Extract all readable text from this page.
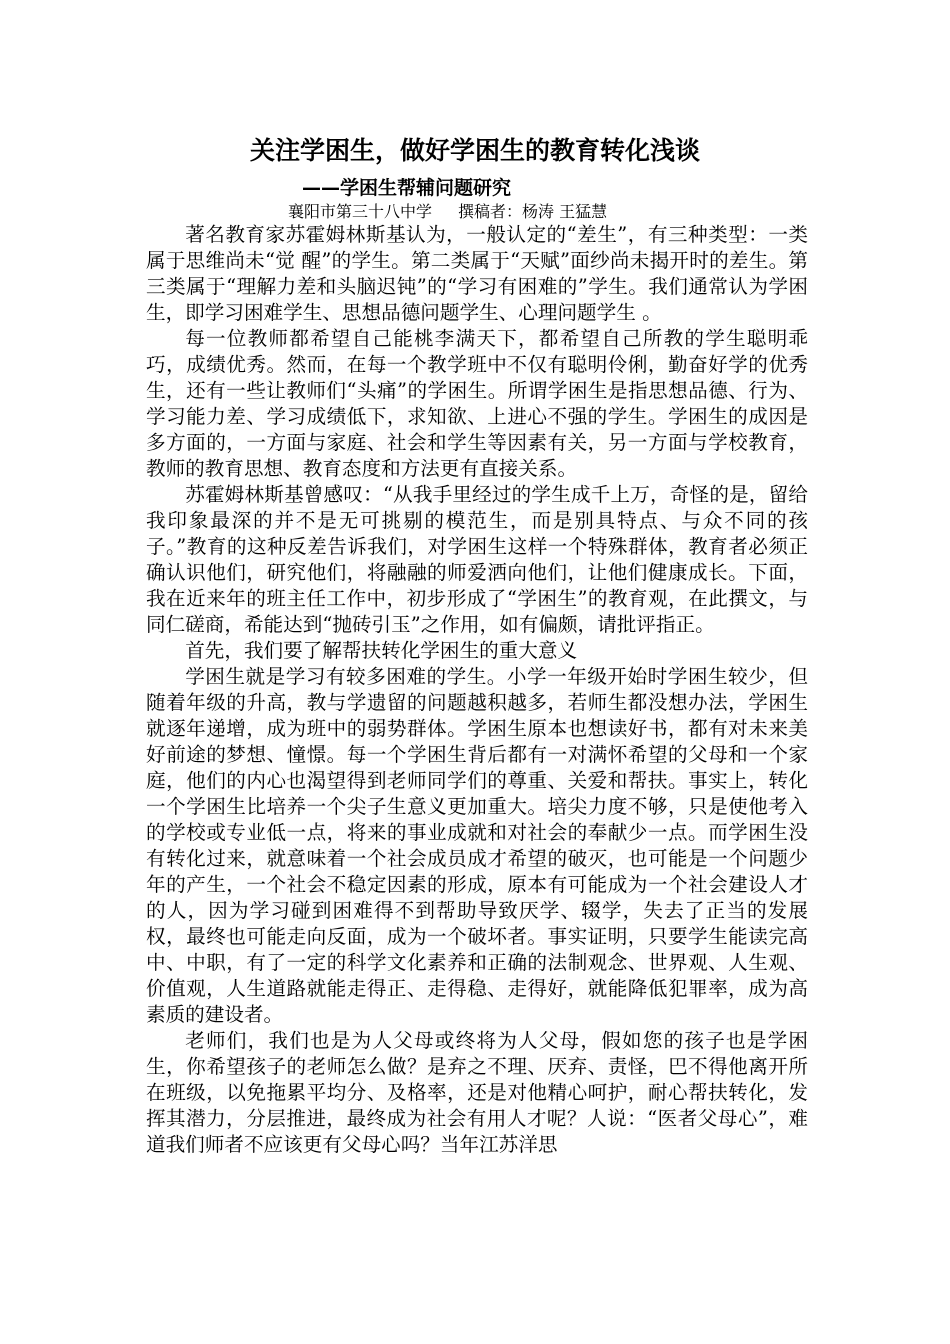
关注学困生，做好学困生的教育转化浅谈
——学困生帮辅问题研究
襄阳市第三十八中学 撰稿者：杨涛 王猛慧

著名教育家苏霍姆林斯基认为，一般认定的“差生”，有三种类型：一类属于思维尚未“觉 醒”的学生。第二类属于“天赋”面纱尚未揭开时的差生。第三类属于“理解力差和头脑迟钝”的“学习有困难的”学生。我们通常认为学困生，即学习困难学生、思想品德问题学生、心理问题学生 。

每一位教师都希望自己能桃李满天下，都希望自己所教的学生聪明乖巧，成绩优秀。然而，在每一个教学班中不仅有聪明伶俐，勤奋好学的优秀生，还有一些让教师们“头痛”的学困生。所谓学困生是指思想品德、行为、学习能力差、学习成绩低下，求知欲、上进心不强的学生。学困生的成因是多方面的，一方面与家庭、社会和学生等因素有关，另一方面与学校教育，教师的教育思想、教育态度和方法更有直接关系。

苏霍姆林斯基曾感叹：“从我手里经过的学生成千上万，奇怪的是，留给我印象最深的并不是无可挑剔的模范生，而是别具特点、与众不同的孩子。”教育的这种反差告诉我们，对学困生这样一个特殊群体，教育者必须正确认识他们，研究他们，将融融的师爱洒向他们，让他们健康成长。下面，我在近来年的班主任工作中，初步形成了“学困生”的教育观，在此撰文，与同仁磋商，希能达到“抛砖引玉”之作用，如有偏颇，请批评指正。

首先，我们要了解帮扶转化学困生的重大意义

学困生就是学习有较多困难的学生。小学一年级开始时学困生较少，但随着年级的升高，教与学遗留的问题越积越多，若师生都没想办法，学困生就逐年递增，成为班中的弱势群体。学困生原本也想读好书，都有对未来美好前途的梦想、憧憬。每一个学困生背后都有一对满怀希望的父母和一个家庭，他们的内心也渴望得到老师同学们的尊重、关爱和帮扶。事实上，转化一个学困生比培养一个尖子生意义更加重大。培尖力度不够，只是使他考入的学校或专业低一点，将来的事业成就和对社会的奉献少一点。而学困生没有转化过来，就意味着一个社会成员成才希望的破灭，也可能是一个问题少年的产生，一个社会不稳定因素的形成，原本有可能成为一个社会建设人才的人，因为学习碰到困难得不到帮助导致厌学、辍学，失去了正当的发展权，最终也可能走向反面，成为一个破坏者。事实证明，只要学生能读完高中、中职，有了一定的科学文化素养和正确的法制观念、世界观、人生观、价值观，人生道路就能走得正、走得稳、走得好，就能降低犯罪率，成为高素质的建设者。

老师们，我们也是为人父母或终将为人父母，假如您的孩子也是学困生，你希望孩子的老师怎么做？是弃之不理、厌弃、责怪，巴不得他离开所在班级，以免拖累平均分、及格率，还是对他精心呵护，耐心帮扶转化，发挥其潜力，分层推进，最终成为社会有用人才呢？人说：“医者父母心”，难道我们师者不应该更有父母心吗？当年江苏洋思
